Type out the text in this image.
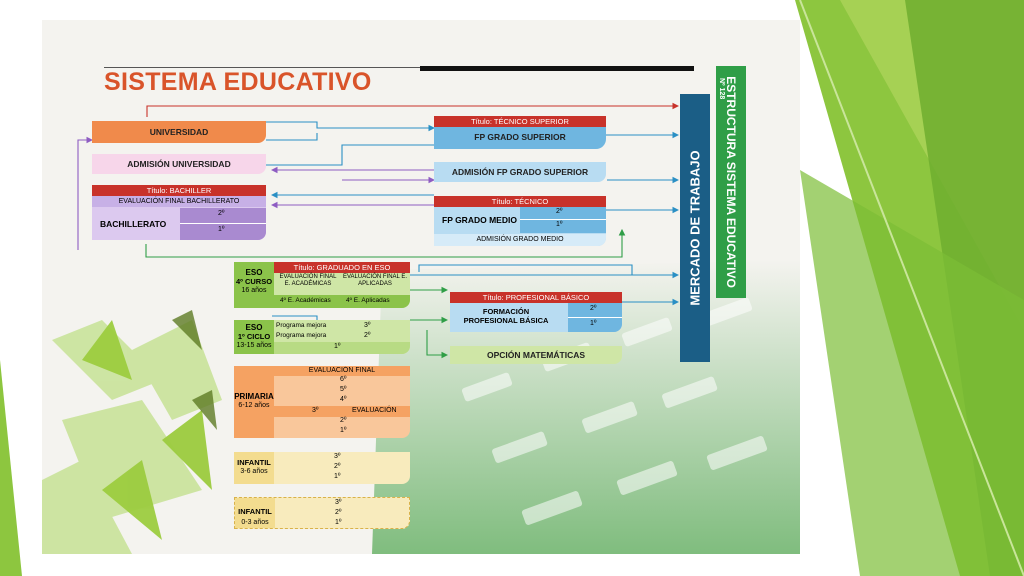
SISTEMA EDUCATIVO	ESTRUCTURA SISTEMA EDUCATIVO
Nº 128
MERCADO DE TRABAJO
UNIVERSIDAD
ADMISIÓN UNIVERSIDAD
Título: BACHILLER
EVALUACIÓN FINAL BACHILLERATO
BACHILLERATO
2º
1º
Título: TÉCNICO SUPERIOR
FP GRADO SUPERIOR
ADMISIÓN FP GRADO SUPERIOR
Título: TÉCNICO
FP GRADO MEDIO
2º
1º
ADMISIÓN GRADO MEDIO
ESO
4º CURSO
16 años
Título: GRADUADO EN ESO
EVALUACIÓN FINAL E. ACADÉMICAS
EVALUACIÓN FINAL E. APLICADAS
4º E. Académicas 4º E. Aplicadas
ESO
1º CICLO
13-15 años
Programa mejora
Programa mejora
3º
2º
1º
Título: PROFESIONAL BÁSICO
FORMACIÓN PROFESIONAL BÁSICA
2º
1º
OPCIÓN MATEMÁTICAS
PRIMARIA
6-12 años
EVALUACIÓN FINAL
6º
5º
4º
3º	EVALUACIÓN
2º
1º
INFANTIL
3-6 años
3º
2º
1º
INFANTIL
0-3 años
3º
2º
1º
